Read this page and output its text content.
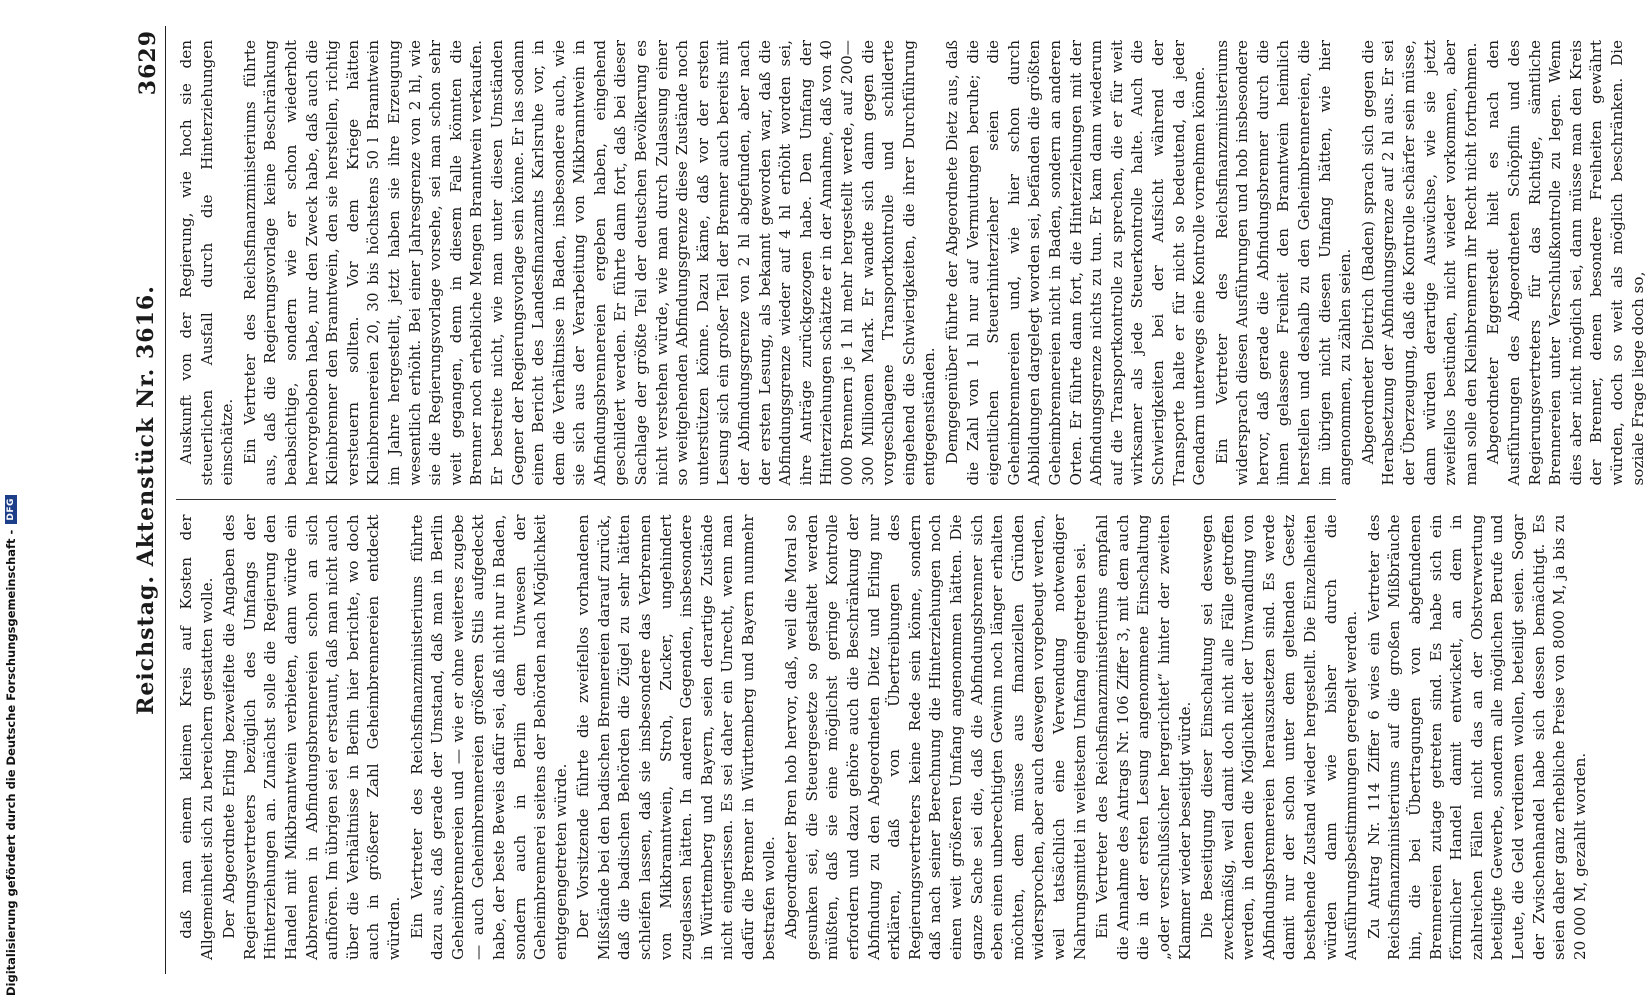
Reichstag. Aktenstück Nr. 3616.
3629

daß man einem kleinen Kreis auf Kosten der Allgemeinheit sich zu bereichern gestatten wolle. Der Abgeordnete Erling bezweifelte die Angaben des Regierungsvertreters bezüglich des Umfangs der Hinterziehungen an. Zunächst solle die Regierung den Handel mit Mikbranntwein verbieten, dann würde ein Abbrennen in Abfindungsbrennereien schon an sich aufhören. Im übrigen sei er erstaunt, daß man nicht auch über die Verhältnisse in Berlin hier berichte, wo doch auch in größerer Zahl Geheimbrennereien entdeckt würden. Ein Vertreter des Reichsfinanzministeriums führte dazu aus, daß gerade der Umstand, daß man in Berlin Geheimbrennereien und — wie er ohne weiteres zugebe — auch Geheimbrennereien größeren Stils aufgedeckt habe, der beste Beweis dafür sei, daß nicht nur in Baden, sondern auch in Berlin dem Unwesen der Geheimbrennerei seitens der Behörden nach Möglichkeit entgegengetreten würde. Der Vorsitzende führte die zweifellos vorhandenen Mißstände bei den badischen Brennereien darauf zurück, daß die badischen Behörden die Zügel zu sehr hätten schleifen lassen, daß sie insbesondere das Verbrennen von Mikbranntwein, Stroh, Zucker, ungehindert zugelassen hätten. In anderen Gegenden, insbesondere in Württemberg und Bayern, seien derartige Zustände nicht eingerissen. Es sei daher ein Unrecht, wenn man dafür die Brenner in Württemberg und Bayern nunmehr bestrafen wolle. Abgeordneter Bren hob hervor, daß, weil die Moral so gesunken sei, die Steuergesetze so gestaltet werden müßten, daß sie eine möglichst geringe Kontrolle erfordern und dazu gehöre auch die Beschränkung der Abfindung zu den Abgeordneten Dietz und Erling nur erklären, daß von Übertreibungen des Regierungsvertreters keine Rede sein könne, sondern daß nach seiner Berechnung die Hinterziehungen noch einen weit größeren Umfang angenommen hätten. Die ganze Sache sei die, daß die Abfindungsbrenner sich eben einen unberechtigten Gewinn noch länger erhalten möchten, dem müsse aus finanziellen Gründen widersprochen, aber auch deswegen vorgebeugt werden, weil tatsächlich eine Verwendung notwendiger Nahrungsmittel in weitestem Umfang eingetreten sei. Ein Vertreter des Reichsfinanzministeriums empfahl die Annahme des Antrags Nr. 106 Ziffer 3, mit dem auch die in der ersten Lesung angenommene Einschaltung „oder verschlußsicher hergerichtet“ hinter der zweiten Klammer wieder beseitigt würde. Die Beseitigung dieser Einschaltung sei deswegen zweckmäßig, weil damit doch nicht alle Fälle getroffen werden, in denen die Möglichkeit der Umwandlung von Abfindungsbrennereien herauszusetzen sind. Es werde damit nur der schon unter dem geltenden Gesetz bestehende Zustand wieder hergestellt. Die Einzelheiten würden dann wie bisher durch die Ausführungsbestimmungen geregelt werden. Zu Antrag Nr. 114 Ziffer 6 wies ein Vertreter des Reichsfinanzministeriums auf die großen Mißbräuche hin, die bei Übertragungen von abgefundenen Brennereien zutage getreten sind. Es habe sich ein förmlicher Handel damit entwickelt, an dem in zahlreichen Fällen nicht das an der Obstverwertung beteiligte Gewerbe, sondern alle möglichen Berufe und Leute, die Geld verdienen wollen, beteiligt seien. Sogar der Zwischenhandel habe sich dessen bemächtigt. Es seien daher ganz erhebliche Preise von 8000 M, ja bis zu 20 000 M, gezahlt worden.

Auskunft von der Regierung, wie hoch sie den steuerlichen Ausfall durch die Hinterziehungen einschätze. Ein Vertreter des Reichsfinanzministeriums führte aus, daß die Regierungsvorlage keine Beschränkung beabsichtige, sondern wie er schon wiederholt hervorgehoben habe, nur den Zweck habe, daß auch die Kleinbrenner den Branntwein, den sie herstellen, richtig versteuern sollten. Vor dem Kriege hätten Kleinbrennereien 20, 30 bis höchstens 50 l Branntwein im Jahre hergestellt, jetzt haben sie ihre Erzeugung wesentlich erhöht. Bei einer Jahresgrenze von 2 hl, wie sie die Regierungsvorlage vorsehe, sei man schon sehr weit gegangen, denn in diesem Falle könnten die Brenner noch erhebliche Mengen Branntwein verkaufen. Er bestreite nicht, wie man unter diesen Umständen Gegner der Regierungsvorlage sein könne. Er las sodann einen Bericht des Landesfinanzamts Karlsruhe vor, in dem die Verhältnisse in Baden, insbesondere auch, wie sie sich aus der Verarbeitung von Mikbranntwein in Abfindungsbrennereien ergeben haben, eingehend geschildert werden. Er führte dann fort, daß bei dieser Sachlage der größte Teil der deutschen Bevölkerung es nicht verstehen würde, wie man durch Zulassung einer so weitgehenden Abfindungsgrenze diese Zustände noch unterstützen könne. Dazu käme, daß vor der ersten Lesung sich ein großer Teil der Brenner auch bereits mit der Abfindungsgrenze von 2 hl abgefunden, aber nach der ersten Lesung, als bekannt geworden war, daß die Abfindungsgrenze wieder auf 4 hl erhöht worden sei, ihre Anträge zurückgezogen habe. Den Umfang der Hinterziehungen schätzte er in der Annahme, daß von 40 000 Brennern je 1 hl mehr hergestellt werde, auf 200—300 Millionen Mark. Er wandte sich dann gegen die vorgeschlagene Transportkontrolle und schilderte eingehend die Schwierigkeiten, die ihrer Durchführung entgegenständen. Demgegenüber führte der Abgeordnete Dietz aus, daß die Zahl von 1 hl nur auf Vermutungen beruhe; die eigentlichen Steuerhinterzieher seien die Geheimbrennereien und, wie hier schon durch Abbildungen dargelegt worden sei, befänden die größten Geheimbrennereien nicht in Baden, sondern an anderen Orten. Er führte dann fort, die Hinterziehungen mit der Abfindungsgrenze nichts zu tun. Er kam dann wiederum auf die Transportkontrolle zu sprechen, die er für weit wirksamer als jede Steuerkontrolle halte. Auch die Schwierigkeiten bei der Aufsicht während der Transporte halte er für nicht so bedeutend, da jeder Gendarm unterwegs eine Kontrolle vornehmen könne. Ein Vertreter des Reichsfinanzministeriums widersprach diesen Ausführungen und hob insbesondere hervor, daß gerade die Abfindungsbrenner durch die ihnen gelassene Freiheit den Branntwein heimlich herstellen und deshalb zu den Geheimbrennereien, die im übrigen nicht diesen Umfang hätten, wie hier angenommen, zu zählen seien. Abgeordneter Dietrich (Baden) sprach sich gegen die Herabsetzung der Abfindungsgrenze auf 2 hl aus. Er sei der Überzeugung, daß die Kontrolle schärfer sein müsse, dann würden derartige Auswüchse, wie sie jetzt zweifellos bestünden, nicht wieder vorkommen, aber man solle den Kleinbrennern ihr Recht nicht fortnehmen. Abgeordneter Eggerstedt hielt es nach den Ausführungen des Abgeordneten Schöpflin und des Regierungsvertreters für das Richtige, sämtliche Brennereien unter Verschlußkontrolle zu legen. Wenn dies aber nicht möglich sei, dann müsse man den Kreis der Brenner, denen besondere Freiheiten gewährt würden, doch so weit als möglich beschränken. Die soziale Frage liege doch so,

Digitalisierung gefördert durch die Deutsche Forschungsgemeinschaft -
DFG
